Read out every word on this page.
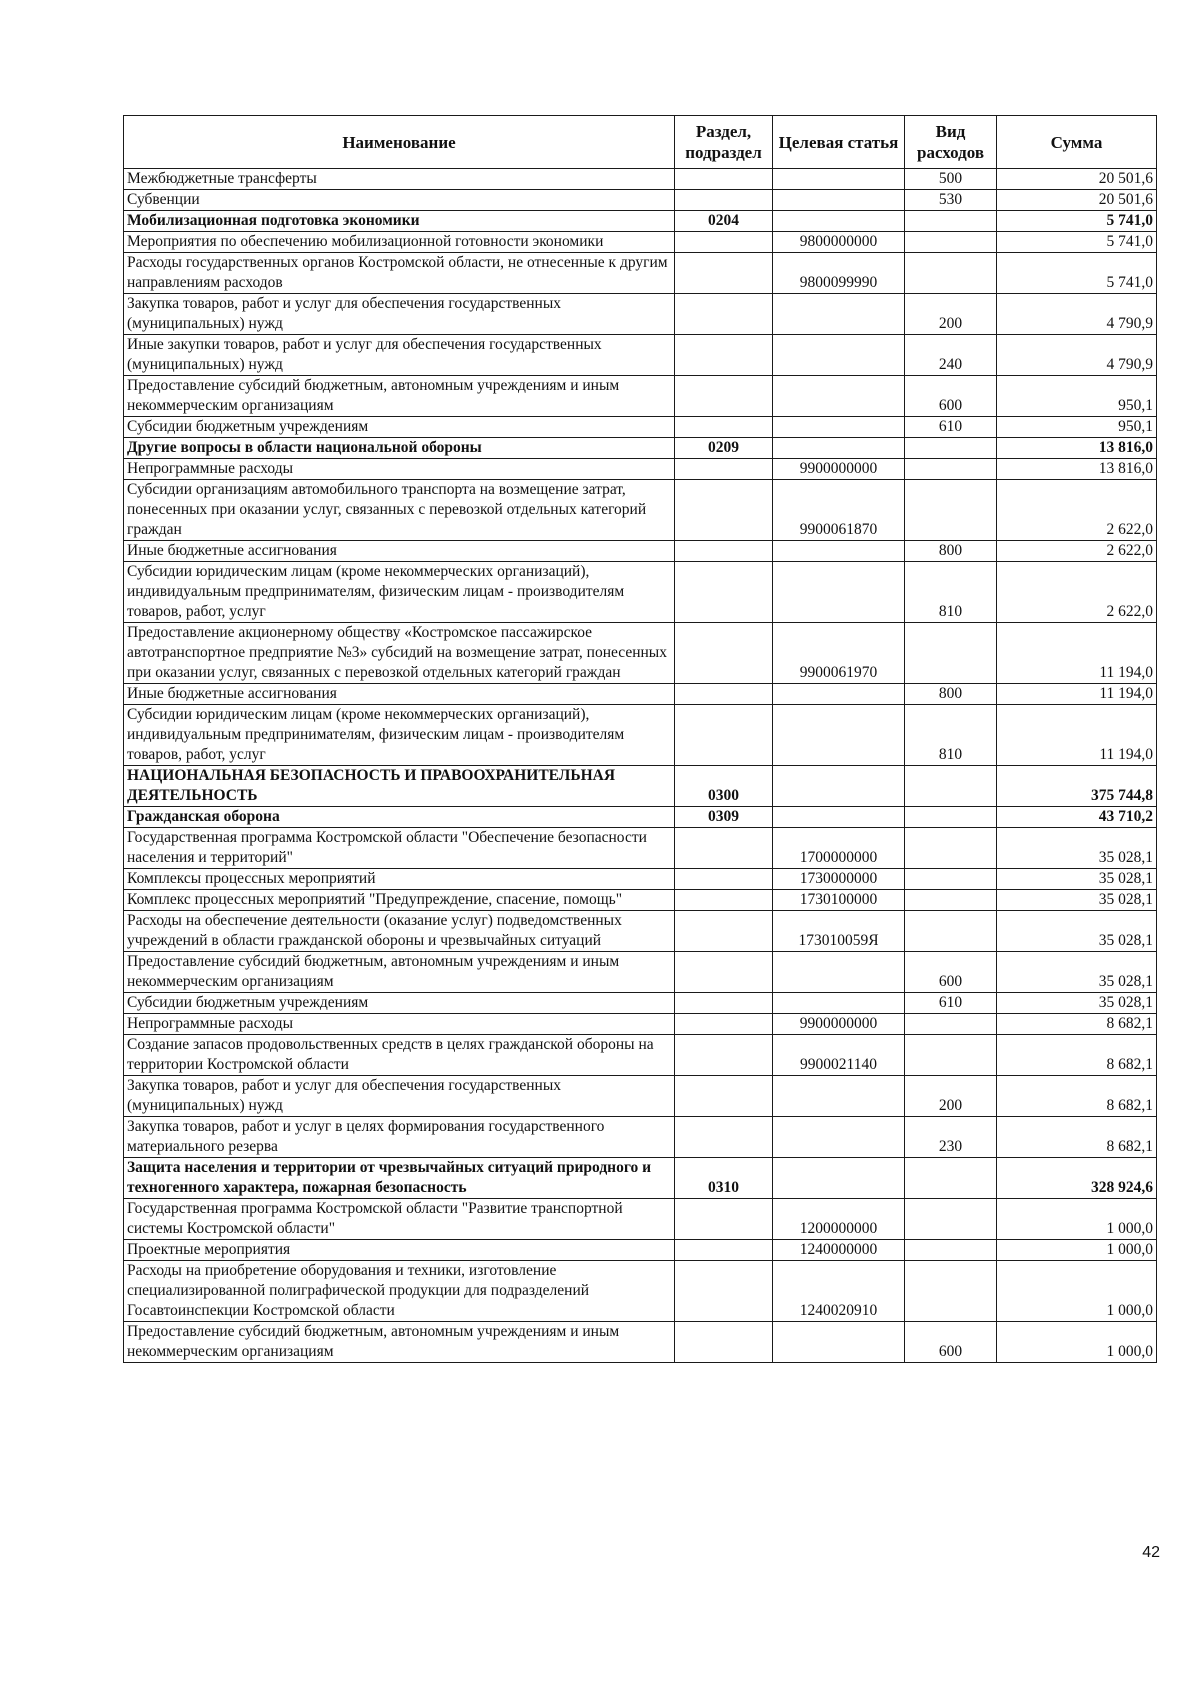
Наименование	Раздел, подраздел	Целевая статья	Вид расходов	Сумма
Межбюджетные трансферты			500	20 501,6
Субвенции			530	20 501,6
Мобилизационная подготовка экономики	0204			5 741,0
Мероприятия по обеспечению мобилизационной готовности экономики		9800000000		5 741,0
Расходы государственных органов Костромской области, не отнесенные к другим направлениям расходов		9800099990		5 741,0
Закупка товаров, работ и услуг для обеспечения государственных (муниципальных) нужд			200	4 790,9
Иные закупки товаров, работ и услуг для обеспечения государственных (муниципальных) нужд			240	4 790,9
Предоставление субсидий бюджетным, автономным учреждениям и иным некоммерческим организациям			600	950,1
Субсидии бюджетным учреждениям			610	950,1
Другие вопросы в области национальной обороны	0209			13 816,0
Непрограммные расходы		9900000000		13 816,0
Субсидии организациям автомобильного транспорта на возмещение затрат, понесенных при оказании услуг, связанных с перевозкой отдельных категорий граждан		9900061870		2 622,0
Иные бюджетные ассигнования			800	2 622,0
Субсидии юридическим лицам (кроме некоммерческих организаций), индивидуальным предпринимателям, физическим лицам - производителям товаров, работ, услуг			810	2 622,0
Предоставление акционерному обществу «Костромское пассажирское автотранспортное предприятие №3» субсидий на возмещение затрат, понесенных при оказании услуг, связанных с перевозкой отдельных категорий граждан		9900061970		11 194,0
Иные бюджетные ассигнования			800	11 194,0
Субсидии юридическим лицам (кроме некоммерческих организаций), индивидуальным предпринимателям, физическим лицам - производителям товаров, работ, услуг			810	11 194,0
НАЦИОНАЛЬНАЯ БЕЗОПАСНОСТЬ И ПРАВООХРАНИТЕЛЬНАЯ ДЕЯТЕЛЬНОСТЬ	0300			375 744,8
Гражданская оборона	0309			43 710,2
Государственная программа Костромской области "Обеспечение безопасности населения и территорий"		1700000000		35 028,1
Комплексы процессных мероприятий		1730000000		35 028,1
Комплекс процессных мероприятий "Предупреждение, спасение, помощь"		1730100000		35 028,1
Расходы на обеспечение деятельности (оказание услуг) подведомственных учреждений в области гражданской обороны и чрезвычайных ситуаций		173010059Я		35 028,1
Предоставление субсидий бюджетным, автономным учреждениям и иным некоммерческим организациям			600	35 028,1
Субсидии бюджетным учреждениям			610	35 028,1
Непрограммные расходы		9900000000		8 682,1
Создание запасов продовольственных средств в целях гражданской обороны на территории Костромской области		9900021140		8 682,1
Закупка товаров, работ и услуг для обеспечения государственных (муниципальных) нужд			200	8 682,1
Закупка товаров, работ и услуг в целях формирования государственного материального резерва			230	8 682,1
Защита населения и территории от чрезвычайных ситуаций природного и техногенного характера, пожарная безопасность	0310			328 924,6
Государственная программа Костромской области "Развитие транспортной системы Костромской области"		1200000000		1 000,0
Проектные мероприятия		1240000000		1 000,0
Расходы на приобретение оборудования и техники, изготовление специализированной полиграфической продукции для подразделений Госавтоинспекции Костромской области		1240020910		1 000,0
Предоставление субсидий бюджетным, автономным учреждениям и иным некоммерческим организациям			600	1 000,0
42
